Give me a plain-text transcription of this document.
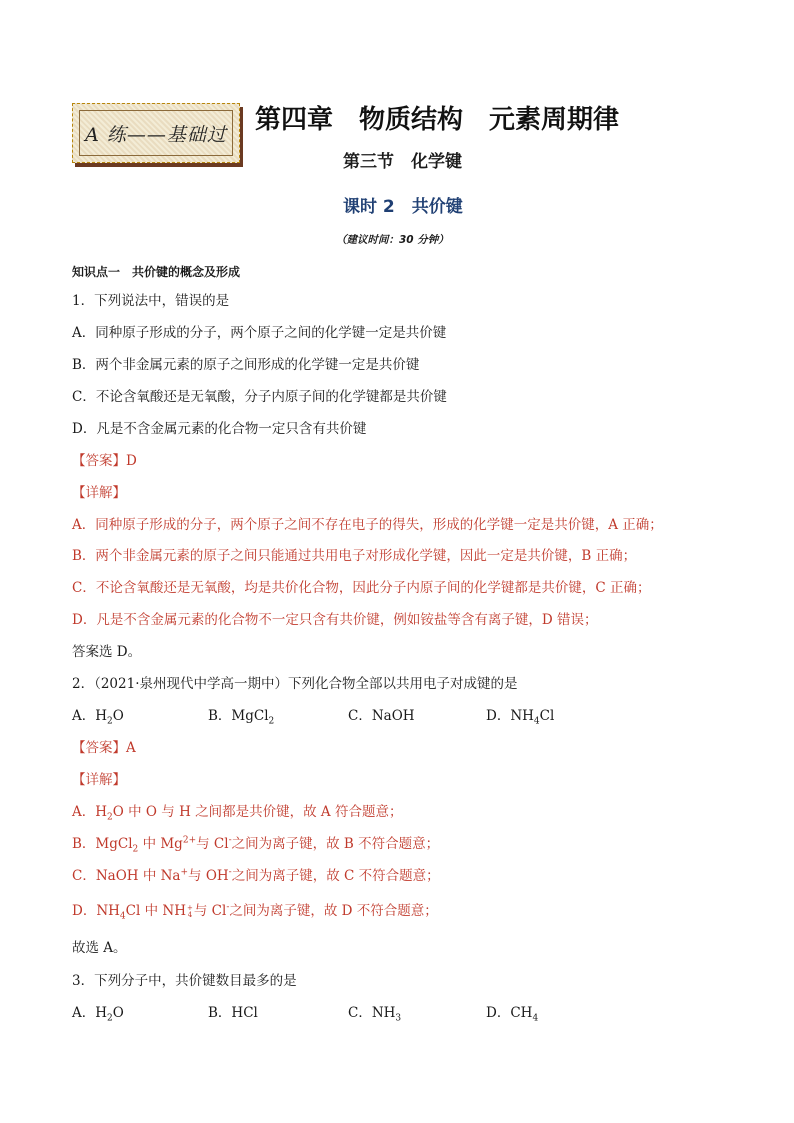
A 练——基础过 第四章　物质结构　元素周期律
第三节　化学键
课时 2　共价键
（建议时间：30 分钟）
知识点一　共价键的概念及形成
1．下列说法中，错误的是
A．同种原子形成的分子，两个原子之间的化学键一定是共价键
B．两个非金属元素的原子之间形成的化学键一定是共价键
C．不论含氧酸还是无氧酸，分子内原子间的化学键都是共价键
D．凡是不含金属元素的化合物一定只含有共价键
【答案】D
【详解】
A．同种原子形成的分子，两个原子之间不存在电子的得失，形成的化学键一定是共价键，A 正确；
B．两个非金属元素的原子之间只能通过共用电子对形成化学键，因此一定是共价键，B 正确；
C．不论含氧酸还是无氧酸，均是共价化合物，因此分子内原子间的化学键都是共价键，C 正确；
D．凡是不含金属元素的化合物不一定只含有共价键，例如铵盐等含有离子键，D 错误；
答案选 D。
2．（2021·泉州现代中学高一期中）下列化合物全部以共用电子对成键的是
A．$H_2O$	B．MgCl$_2$	C．NaOH	D．$NH_4Cl$
【答案】A
【详解】
A．$H_2O$ 中 O 与 H 之间都是共价键，故 A 符合题意；
B．MgCl$_2$ 中 $Mg^{2+}$与 Cl-之间为离子键，故 B 不符合题意；
C．NaOH 中 Na+与 OH-之间为离子键，故 C 不符合题意；
D．$NH_4Cl$ 中 NH +
4 与 Cl-之间为离子键，故 D 不符合题意；
故选 A。
3．下列分子中，共价键数目最多的是
A．$H_2O$	B．HCl	C．$NH_3$	D．$CH_4$
